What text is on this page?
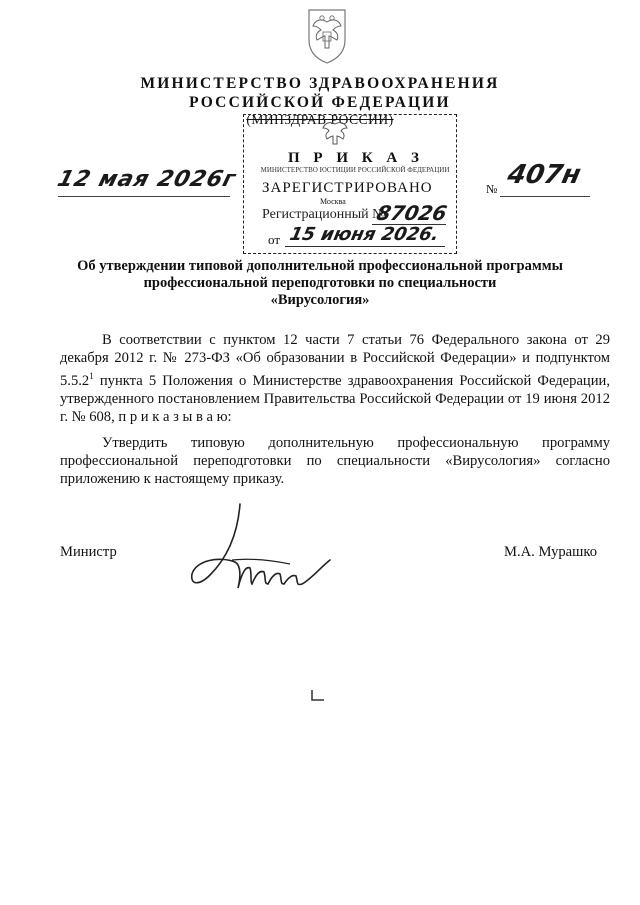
МИНИСТЕРСТВО ЗДРАВООХРАНЕНИЯ
РОССИЙСКОЙ ФЕДЕРАЦИИ
(МИНЗДРАВ РОССИИ)
П Р И К А З
МИНИСТЕРСТВО ЮСТИЦИИ РОССИЙСКОЙ ФЕДЕРАЦИИ
ЗАРЕГИСТРИРОВАНО
Москва
Регистрационный №
87026
от 15 июня 2026.
12 мая 2026г	№ 407н
Об утверждении типовой дополнительной профессиональной программы
профессиональной переподготовки по специальности
«Вирусология»

В соответствии с пунктом 12 части 7 статьи 76 Федерального закона от 29 декабря 2012 г. № 273-ФЗ «Об образовании в Российской Федерации» и подпунктом 5.5.2$^1$ пункта 5 Положения о Министерстве здравоохранения Российской Федерации, утвержденного постановлением Правительства Российской Федерации от 19 июня 2012 г. № 608, п р и к а з ы в а ю:

Утвердить типовую дополнительную профессиональную программу профессиональной переподготовки по специальности «Вирусология» согласно приложению к настоящему приказу.

Министр	М.А. Мурашко
